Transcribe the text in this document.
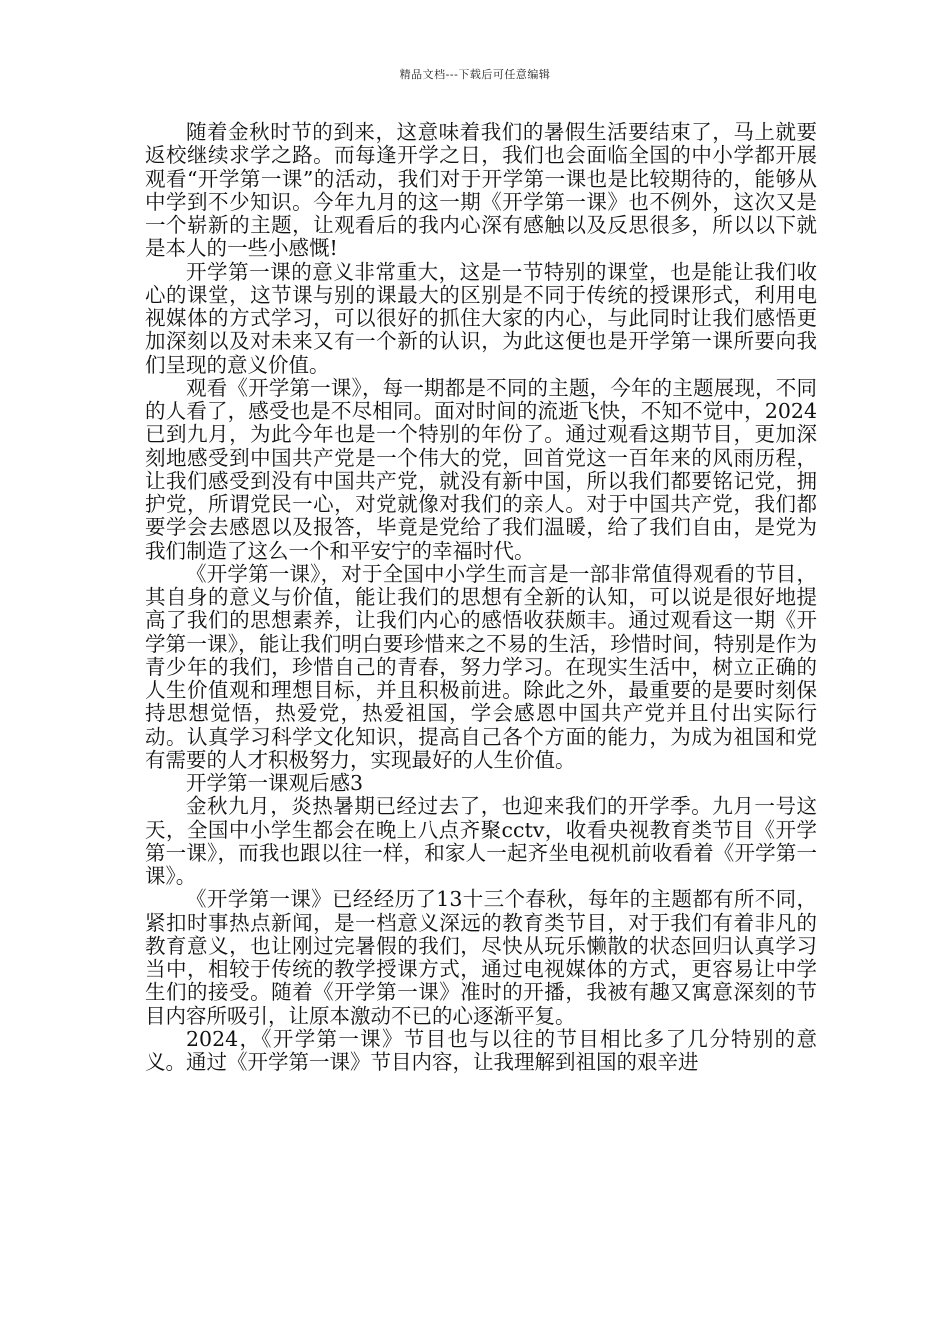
精品文档---下载后可任意编辑

随着金秋时节的到来，这意味着我们的暑假生活要结束了，马上就要返校继续求学之路。而每逢开学之日，我们也会面临全国的中小学都开展观看“开学第一课”的活动，我们对于开学第一课也是比较期待的，能够从中学到不少知识。今年九月的这一期《开学第一课》也不例外，这次又是一个崭新的主题，让观看后的我内心深有感触以及反思很多，所以以下就是本人的一些小感慨!

开学第一课的意义非常重大，这是一节特别的课堂，也是能让我们收心的课堂，这节课与别的课最大的区别是不同于传统的授课形式，利用电视媒体的方式学习，可以很好的抓住大家的内心，与此同时让我们感悟更加深刻以及对未来又有一个新的认识，为此这便也是开学第一课所要向我们呈现的意义价值。

观看《开学第一课》，每一期都是不同的主题，今年的主题展现，不同的人看了，感受也是不尽相同。面对时间的流逝飞快，不知不觉中，2024已到九月，为此今年也是一个特别的年份了。通过观看这期节目，更加深刻地感受到中国共产党是一个伟大的党，回首党这一百年来的风雨历程，让我们感受到没有中国共产党，就没有新中国，所以我们都要铭记党，拥护党，所谓党民一心，对党就像对我们的亲人。对于中国共产党，我们都要学会去感恩以及报答，毕竟是党给了我们温暖，给了我们自由，是党为我们制造了这么一个和平安宁的幸福时代。

《开学第一课》，对于全国中小学生而言是一部非常值得观看的节目，其自身的意义与价值，能让我们的思想有全新的认知，可以说是很好地提高了我们的思想素养，让我们内心的感悟收获颇丰。通过观看这一期《开学第一课》，能让我们明白要珍惜来之不易的生活，珍惜时间，特别是作为青少年的我们，珍惜自己的青春，努力学习。在现实生活中，树立正确的人生价值观和理想目标，并且积极前进。除此之外，最重要的是要时刻保持思想觉悟，热爱党，热爱祖国，学会感恩中国共产党并且付出实际行动。认真学习科学文化知识，提高自己各个方面的能力，为成为祖国和党有需要的人才积极努力，实现最好的人生价值。

开学第一课观后感3

金秋九月，炎热暑期已经过去了，也迎来我们的开学季。九月一号这天，全国中小学生都会在晚上八点齐聚cctv，收看央视教育类节目《开学第一课》，而我也跟以往一样，和家人一起齐坐电视机前收看着《开学第一课》。

《开学第一课》已经经历了13十三个春秋，每年的主题都有所不同，紧扣时事热点新闻，是一档意义深远的教育类节目，对于我们有着非凡的教育意义，也让刚过完暑假的我们，尽快从玩乐懒散的状态回归认真学习当中，相较于传统的教学授课方式，通过电视媒体的方式，更容易让中学生们的接受。随着《开学第一课》准时的开播，我被有趣又寓意深刻的节目内容所吸引，让原本激动不已的心逐渐平复。

2024，《开学第一课》节目也与以往的节目相比多了几分特别的意义。通过《开学第一课》节目内容，让我理解到祖国的艰辛进
